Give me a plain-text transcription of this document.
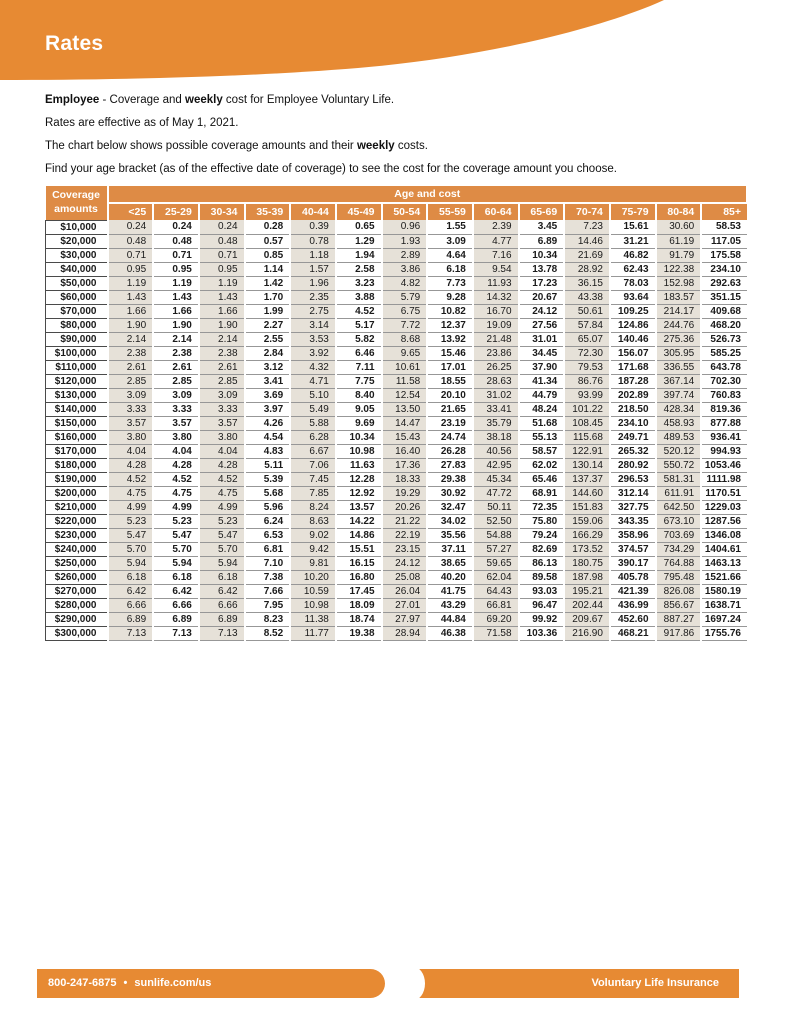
Rates

Employee - Coverage and weekly cost for Employee Voluntary Life.

Rates are effective as of May 1, 2021.

The chart below shows possible coverage amounts and their weekly costs.

Find your age bracket (as of the effective date of coverage) to see the cost for the coverage amount you choose.

Coverage amounts	Age and cost													
	<25	25-29	30-34	35-39	40-44	45-49	50-54	55-59	60-64	65-69	70-74	75-79	80-84	85+
$10,000	0.24	0.24	0.24	0.28	0.39	0.65	0.96	1.55	2.39	3.45	7.23	15.61	30.60	58.53
$20,000	0.48	0.48	0.48	0.57	0.78	1.29	1.93	3.09	4.77	6.89	14.46	31.21	61.19	117.05
$30,000	0.71	0.71	0.71	0.85	1.18	1.94	2.89	4.64	7.16	10.34	21.69	46.82	91.79	175.58
$40,000	0.95	0.95	0.95	1.14	1.57	2.58	3.86	6.18	9.54	13.78	28.92	62.43	122.38	234.10
$50,000	1.19	1.19	1.19	1.42	1.96	3.23	4.82	7.73	11.93	17.23	36.15	78.03	152.98	292.63
$60,000	1.43	1.43	1.43	1.70	2.35	3.88	5.79	9.28	14.32	20.67	43.38	93.64	183.57	351.15
$70,000	1.66	1.66	1.66	1.99	2.75	4.52	6.75	10.82	16.70	24.12	50.61	109.25	214.17	409.68
$80,000	1.90	1.90	1.90	2.27	3.14	5.17	7.72	12.37	19.09	27.56	57.84	124.86	244.76	468.20
$90,000	2.14	2.14	2.14	2.55	3.53	5.82	8.68	13.92	21.48	31.01	65.07	140.46	275.36	526.73
$100,000	2.38	2.38	2.38	2.84	3.92	6.46	9.65	15.46	23.86	34.45	72.30	156.07	305.95	585.25
$110,000	2.61	2.61	2.61	3.12	4.32	7.11	10.61	17.01	26.25	37.90	79.53	171.68	336.55	643.78
$120,000	2.85	2.85	2.85	3.41	4.71	7.75	11.58	18.55	28.63	41.34	86.76	187.28	367.14	702.30
$130,000	3.09	3.09	3.09	3.69	5.10	8.40	12.54	20.10	31.02	44.79	93.99	202.89	397.74	760.83
$140,000	3.33	3.33	3.33	3.97	5.49	9.05	13.50	21.65	33.41	48.24	101.22	218.50	428.34	819.36
$150,000	3.57	3.57	3.57	4.26	5.88	9.69	14.47	23.19	35.79	51.68	108.45	234.10	458.93	877.88
$160,000	3.80	3.80	3.80	4.54	6.28	10.34	15.43	24.74	38.18	55.13	115.68	249.71	489.53	936.41
$170,000	4.04	4.04	4.04	4.83	6.67	10.98	16.40	26.28	40.56	58.57	122.91	265.32	520.12	994.93
$180,000	4.28	4.28	4.28	5.11	7.06	11.63	17.36	27.83	42.95	62.02	130.14	280.92	550.72	1053.46
$190,000	4.52	4.52	4.52	5.39	7.45	12.28	18.33	29.38	45.34	65.46	137.37	296.53	581.31	1111.98
$200,000	4.75	4.75	4.75	5.68	7.85	12.92	19.29	30.92	47.72	68.91	144.60	312.14	611.91	1170.51
$210,000	4.99	4.99	4.99	5.96	8.24	13.57	20.26	32.47	50.11	72.35	151.83	327.75	642.50	1229.03
$220,000	5.23	5.23	5.23	6.24	8.63	14.22	21.22	34.02	52.50	75.80	159.06	343.35	673.10	1287.56
$230,000	5.47	5.47	5.47	6.53	9.02	14.86	22.19	35.56	54.88	79.24	166.29	358.96	703.69	1346.08
$240,000	5.70	5.70	5.70	6.81	9.42	15.51	23.15	37.11	57.27	82.69	173.52	374.57	734.29	1404.61
$250,000	5.94	5.94	5.94	7.10	9.81	16.15	24.12	38.65	59.65	86.13	180.75	390.17	764.88	1463.13
$260,000	6.18	6.18	6.18	7.38	10.20	16.80	25.08	40.20	62.04	89.58	187.98	405.78	795.48	1521.66
$270,000	6.42	6.42	6.42	7.66	10.59	17.45	26.04	41.75	64.43	93.03	195.21	421.39	826.08	1580.19
$280,000	6.66	6.66	6.66	7.95	10.98	18.09	27.01	43.29	66.81	96.47	202.44	436.99	856.67	1638.71
$290,000	6.89	6.89	6.89	8.23	11.38	18.74	27.97	44.84	69.20	99.92	209.67	452.60	887.27	1697.24
$300,000	7.13	7.13	7.13	8.52	11.77	19.38	28.94	46.38	71.58	103.36	216.90	468.21	917.86	1755.76
800-247-6875 • sunlife.com/us	Voluntary Life Insurance
